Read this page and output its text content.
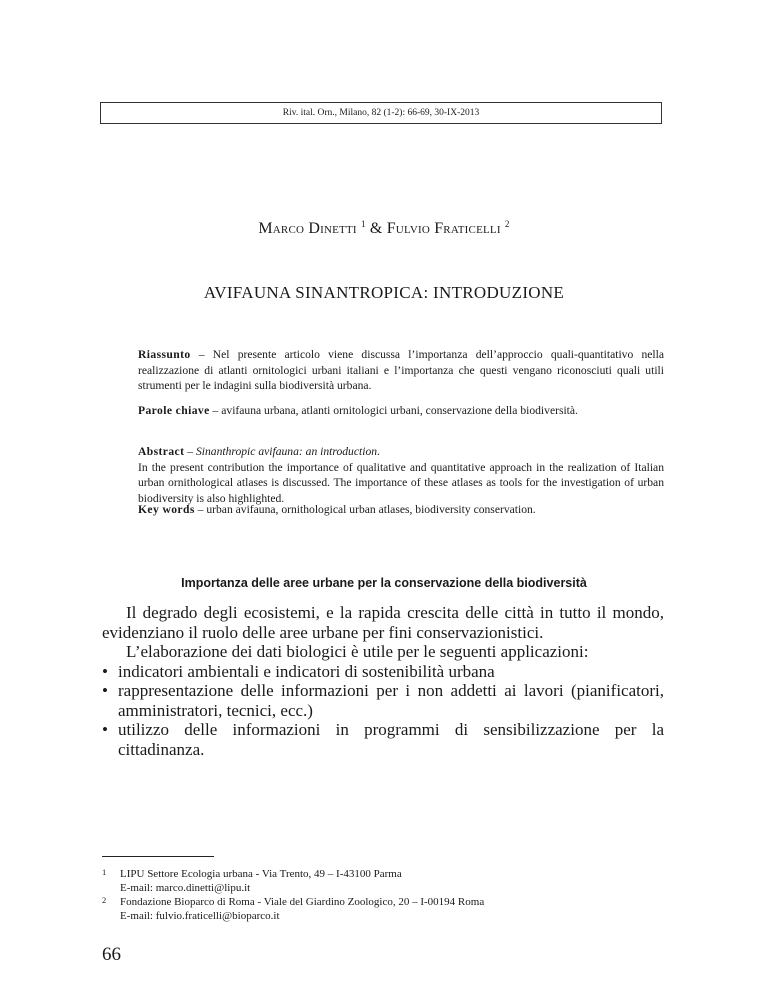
Riv. ital. Orn., Milano, 82 (1-2): 66-69, 30-IX-2013
Marco Dinetti $^1$ & Fulvio Fraticelli $^2$
AVIFAUNA SINANTROPICA: INTRODUZIONE
Riassunto – Nel presente articolo viene discussa l’importanza dell’approccio quali-quantitativo nella realizzazione di atlanti ornitologici urbani italiani e l’importanza che questi vengano riconosciuti quali utili strumenti per le indagini sulla biodiversità urbana.
Parole chiave – avifauna urbana, atlanti ornitologici urbani, conservazione della biodiversità.
Abstract – Sinanthropic avifauna: an introduction.
In the present contribution the importance of qualitative and quantitative approach in the realization of Italian urban ornithological atlases is discussed. The importance of these atlases as tools for the investigation of urban biodiversity is also highlighted.
Key words – urban avifauna, ornithological urban atlases, biodiversity conservation.
Importanza delle aree urbane per la conservazione della biodiversità

Il degrado degli ecosistemi, e la rapida crescita delle città in tutto il mondo, evidenziano il ruolo delle aree urbane per fini conservazionistici.

L’elaborazione dei dati biologici è utile per le seguenti applicazioni:

• indicatori ambientali e indicatori di sostenibilità urbana
• rappresentazione delle informazioni per i non addetti ai lavori (pianificatori, amministratori, tecnici, ecc.)
• utilizzo delle informazioni in programmi di sensibilizzazione per la cittadinanza.
1 LIPU Settore Ecologia urbana - Via Trento, 49 – I-43100 Parma
E-mail: marco.dinetti@lipu.it
2 Fondazione Bioparco di Roma - Viale del Giardino Zoologico, 20 – I-00194 Roma
E-mail: fulvio.fraticelli@bioparco.it
66
